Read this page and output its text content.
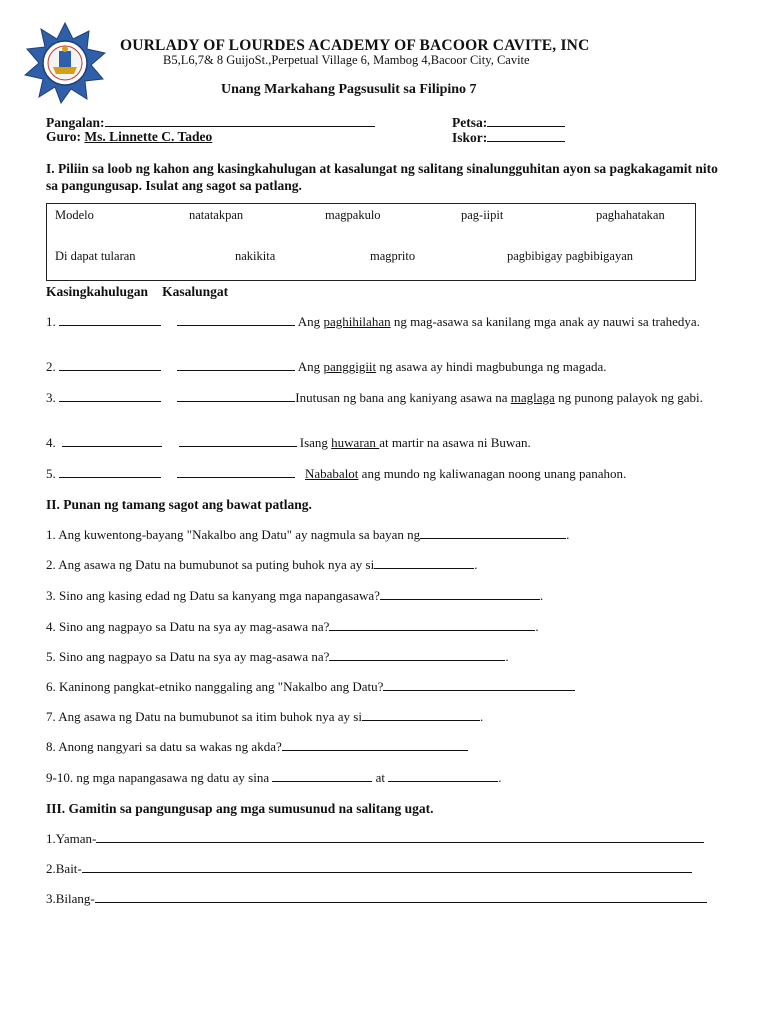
OURLADY OF LOURDES ACADEMY OF BACOOR CAVITE, INC
B5,L6,7& 8 GuijoSt.,Perpetual Village 6, Mambog 4,Bacoor City, Cavite
Unang Markahang Pagsusulit sa Filipino 7
Pangalan:	Petsa:
Guro: Ms. Linnette C. Tadeo	Iskor:
I. Piliin sa loob ng kahon ang kasingkahulugan at kasalungat ng salitang sinalungguhitan ayon sa pagkakagamit nito sa pangungusap. Isulat ang sagot sa patlang.
Modelo	natatakpan	magpakulo	pag-iipit	paghahatakan
Di dapat tularan	nakikita	magprito	pagbibigay pagbibigayan
Kasingkahulugan Kasalungat
1.	Ang paghihilahan ng mag-asawa sa kanilang mga anak ay nauwi sa trahedya.
2.	Ang panggigiit ng asawa ay hindi magbubunga ng magada.
3.	Inutusan ng bana ang kaniyang asawa na maglaga ng punong palayok ng gabi.
4.	Isang huwaran at martir na asawa ni Buwan.
5.	Nababalot ang mundo ng kaliwanagan noong unang panahon.
II. Punan ng tamang sagot ang bawat patlang.
1. Ang kuwentong-bayang "Nakalbo ang Datu" ay nagmula sa bayan ng	.
2. Ang asawa ng Datu na bumubunot sa puting buhok nya ay si	.
3. Sino ang kasing edad ng Datu sa kanyang mga napangasawa?	.
4. Sino ang nagpayo sa Datu na sya ay mag-asawa na?	.
5. Sino ang nagpayo sa Datu na sya ay mag-asawa na?	.
6. Kaninong pangkat-etniko nanggaling ang "Nakalbo ang Datu?
7. Ang asawa ng Datu na bumubunot sa itim buhok nya ay si	.
8. Anong nangyari sa datu sa wakas ng akda?
9-10. ng mga napangasawa ng datu ay sina	at	.
III. Gamitin sa pangungusap ang mga sumusunud na salitang ugat.
1.Yaman-
2.Bait-
3.Bilang-
